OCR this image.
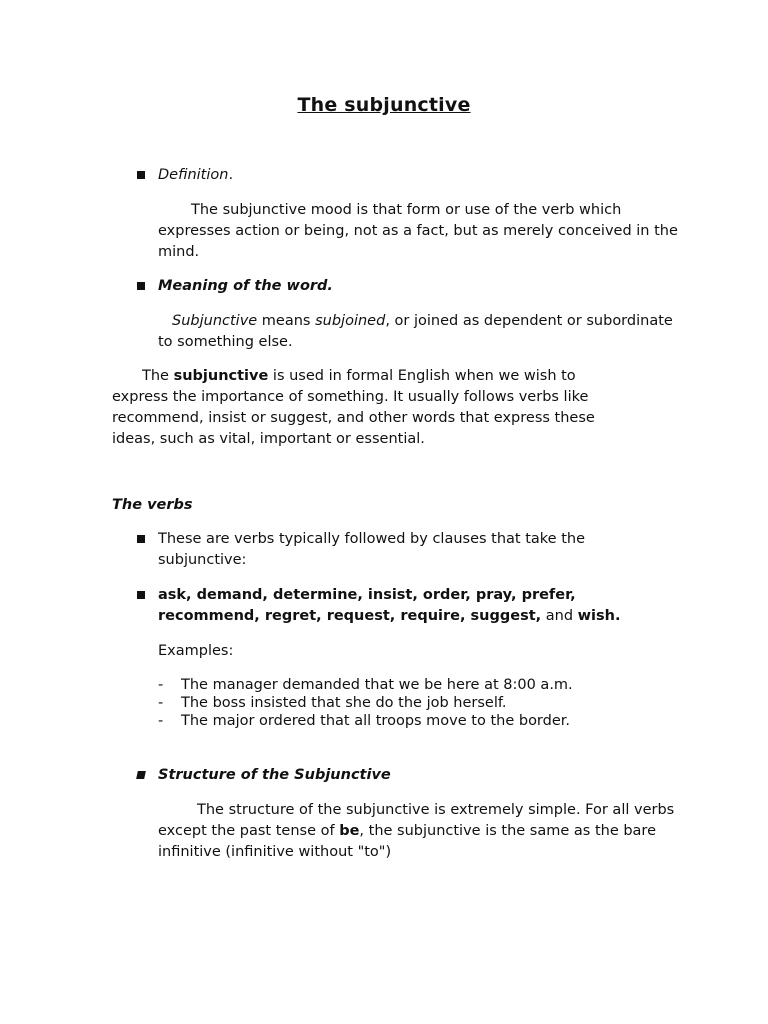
The subjunctive
Definition.
The subjunctive mood is that form or use of the verb which expresses action or being, not as a fact, but as merely conceived in the mind.
Meaning of the word.
Subjunctive means subjoined, or joined as dependent or subordinate to something else.
The subjunctive is used in formal English when we wish to express the importance of something. It usually follows verbs like recommend, insist or suggest, and other words that express these ideas, such as vital, important or essential.
The verbs
These are verbs typically followed by clauses that take the subjunctive:
ask, demand, determine, insist, order, pray, prefer, recommend, regret, request, require, suggest, and wish.
Examples:
-	The manager demanded that we be here at 8:00 a.m.
-	The boss insisted that she do the job herself.
-	The major ordered that all troops move to the border.
Structure of the Subjunctive
The structure of the subjunctive is extremely simple. For all verbs except the past tense of be, the subjunctive is the same as the bare infinitive (infinitive without "to")
